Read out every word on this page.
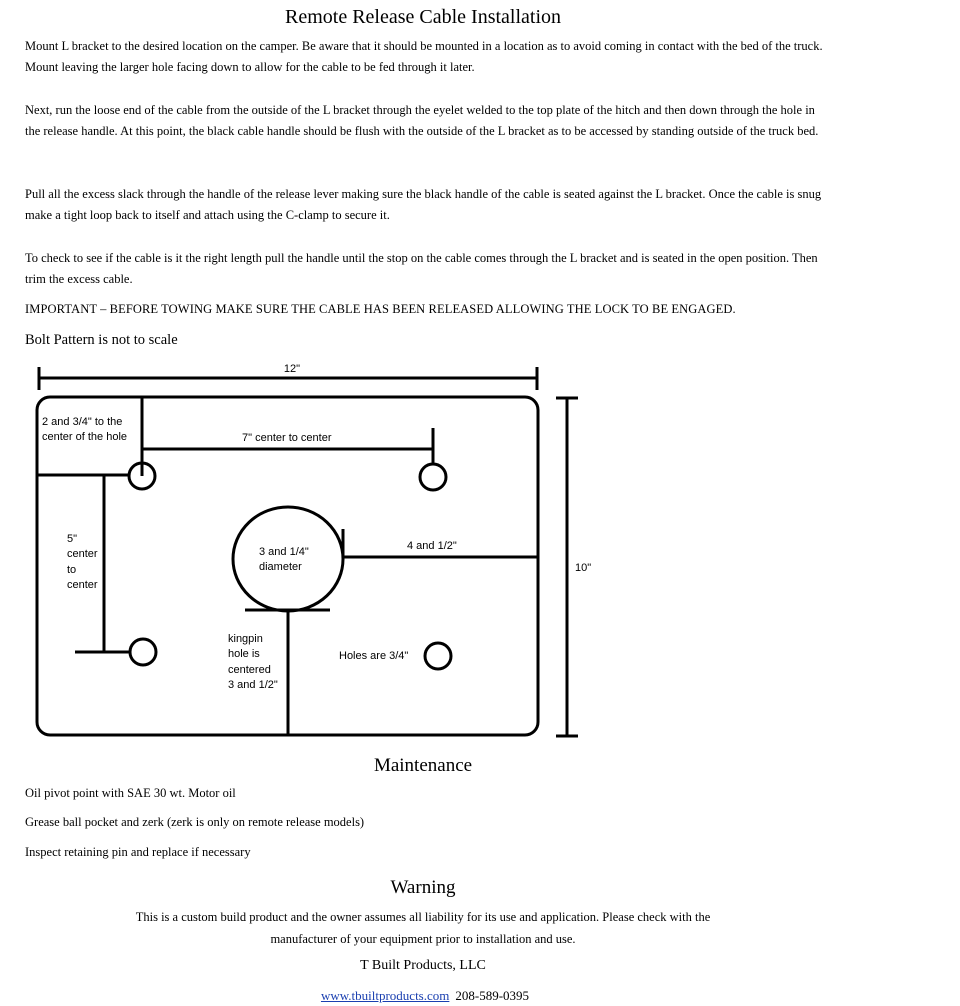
Remote Release Cable Installation

Mount L bracket to the desired location on the camper. Be aware that it should be mounted in a location as to avoid coming in contact with the bed of the truck. Mount leaving the larger hole facing down to allow for the cable to be fed through it later.

Next, run the loose end of the cable from the outside of the L bracket through the eyelet welded to the top plate of the hitch and then down through the hole in the release handle. At this point, the black cable handle should be flush with the outside of the L bracket as to be accessed by standing outside of the truck bed.

Pull all the excess slack through the handle of the release lever making sure the black handle of the cable is seated against the L bracket. Once the cable is snug make a tight loop back to itself and attach using the C-clamp to secure it.

To check to see if the cable is it the right length pull the handle until the stop on the cable comes through the L bracket and is seated in the open position. Then trim the excess cable.

IMPORTANT – BEFORE TOWING MAKE SURE THE CABLE HAS BEEN RELEASED ALLOWING THE LOCK TO BE ENGAGED.

Bolt Pattern is not to scale
12"
10"
2 and 3/4" to the
center of the hole	7" center to center
5"
center
to
center
3 and 1/4"
diameter
4 and 1/2"
kingpin
hole is
centered
3 and 1/2"
Holes are 3/4"
Maintenance
Oil pivot point with SAE 30 wt. Motor oil
Grease ball pocket and zerk (zerk is only on remote release models)
Inspect retaining pin and replace if necessary
Warning
This is a custom build product and the owner assumes all liability for its use and application. Please check with the
manufacturer of your equipment prior to installation and use.
T Built Products, LLC
www.tbuiltproducts.com 208-589-0395
